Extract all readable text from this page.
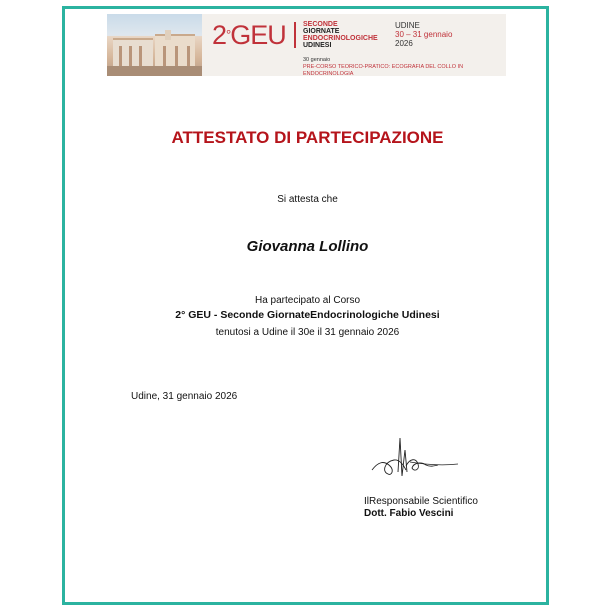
2°GEU SECONDE
GIORNATE
ENDOCRINOLOGICHE
UDINESI
UDINE
30 – 31 gennaio
2026
30 gennaio
PRE-CORSO TEORICO-PRATICO: ECOGRAFIA DEL COLLO IN ENDOCRINOLOGIA
ATTESTATO DI PARTECIPAZIONE
Si attesta che
Giovanna Lollino
Ha partecipato al Corso
2° GEU - Seconde GiornateEndocrinologiche Udinesi
tenutosi a Udine il 30e il 31 gennaio 2026
Udine, 31 gennaio 2026
IlResponsabile Scientifico
Dott. Fabio Vescini
